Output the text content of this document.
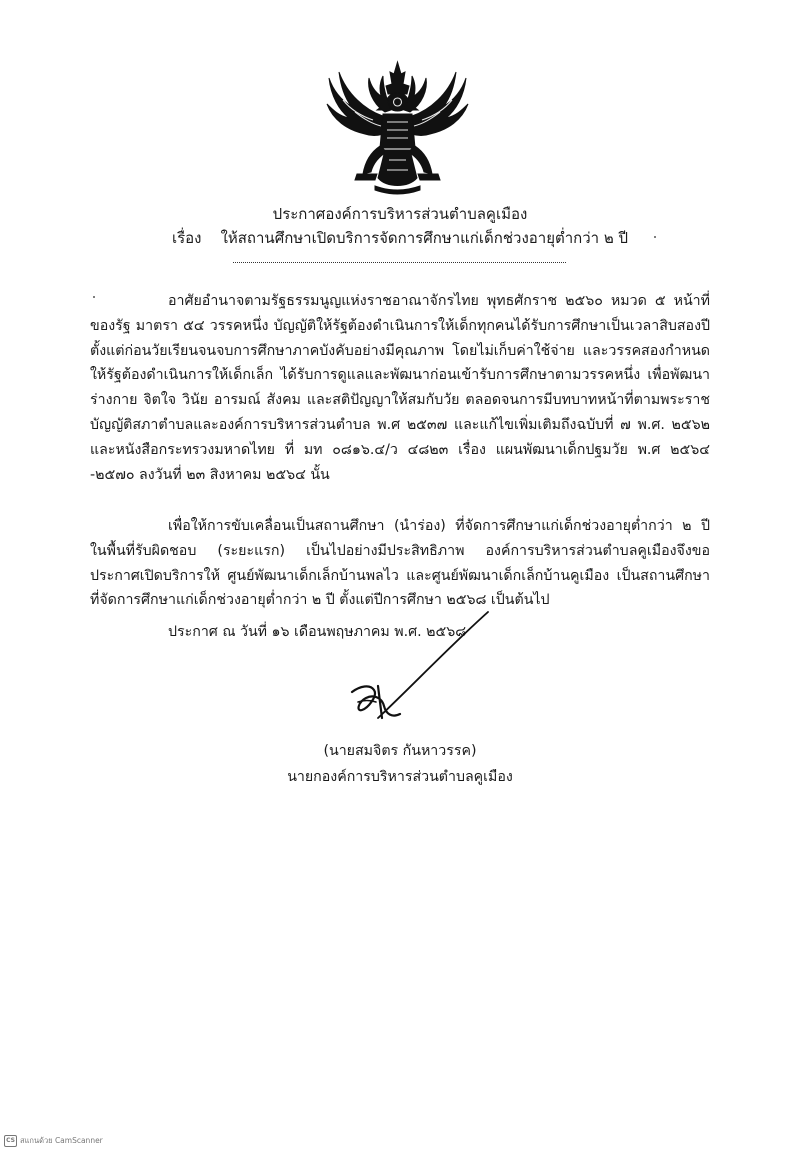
ประกาศองค์การบริหารส่วนตำบลคูเมือง
เรื่อง ให้สถานศึกษาเปิดบริการจัดการศึกษาแก่เด็กช่วงอายุต่ำกว่า ๒ ปี
อาศัยอำนาจตามรัฐธรรมนูญแห่งราชอาณาจักรไทย พุทธศักราช ๒๕๖๐ หมวด ๕ หน้าที่ของรัฐ มาตรา ๕๔ วรรคหนึ่ง บัญญัติให้รัฐต้องดำเนินการให้เด็กทุกคนได้รับการศึกษาเป็นเวลาสิบสองปี ตั้งแต่ก่อนวัยเรียนจนจบการศึกษาภาคบังคับอย่างมีคุณภาพ โดยไม่เก็บค่าใช้จ่าย และวรรคสองกำหนดให้รัฐต้องดำเนินการให้เด็กเล็ก ได้รับการดูแลและพัฒนาก่อนเข้ารับการศึกษาตามวรรคหนึ่ง เพื่อพัฒนาร่างกาย จิตใจ วินัย อารมณ์ สังคม และสติปัญญาให้สมกับวัย ตลอดจนการมีบทบาทหน้าที่ตามพระราชบัญญัติสภาตำบลและองค์การบริหารส่วนตำบล พ.ศ ๒๕๓๗ และแก้ไขเพิ่มเติมถึงฉบับที่ ๗ พ.ศ. ๒๕๖๒ และหนังสือกระทรวงมหาดไทย ที่ มท ๐๘๑๖.๔/ว ๔๘๒๓ เรื่อง แผนพัฒนาเด็กปฐมวัย พ.ศ ๒๕๖๔ -๒๕๗๐ ลงวันที่ ๒๓ สิงหาคม ๒๕๖๔ นั้น
เพื่อให้การขับเคลื่อนเป็นสถานศึกษา (นำร่อง) ที่จัดการศึกษาแก่เด็กช่วงอายุต่ำกว่า ๒ ปี ในพื้นที่รับผิดชอบ (ระยะแรก) เป็นไปอย่างมีประสิทธิภาพ องค์การบริหารส่วนตำบลคูเมืองจึงขอประกาศเปิดบริการให้ ศูนย์พัฒนาเด็กเล็กบ้านพลไว และศูนย์พัฒนาเด็กเล็กบ้านคูเมือง เป็นสถานศึกษาที่จัดการศึกษาแก่เด็กช่วงอายุต่ำกว่า ๒ ปี ตั้งแต่ปีการศึกษา ๒๕๖๘ เป็นต้นไป
ประกาศ ณ วันที่ ๑๖ เดือนพฤษภาคม พ.ศ. ๒๕๖๘
(นายสมจิตร กันหาวรรค)
นายกองค์การบริหารส่วนตำบลคูเมือง
CS สแกนด้วย CamScanner
